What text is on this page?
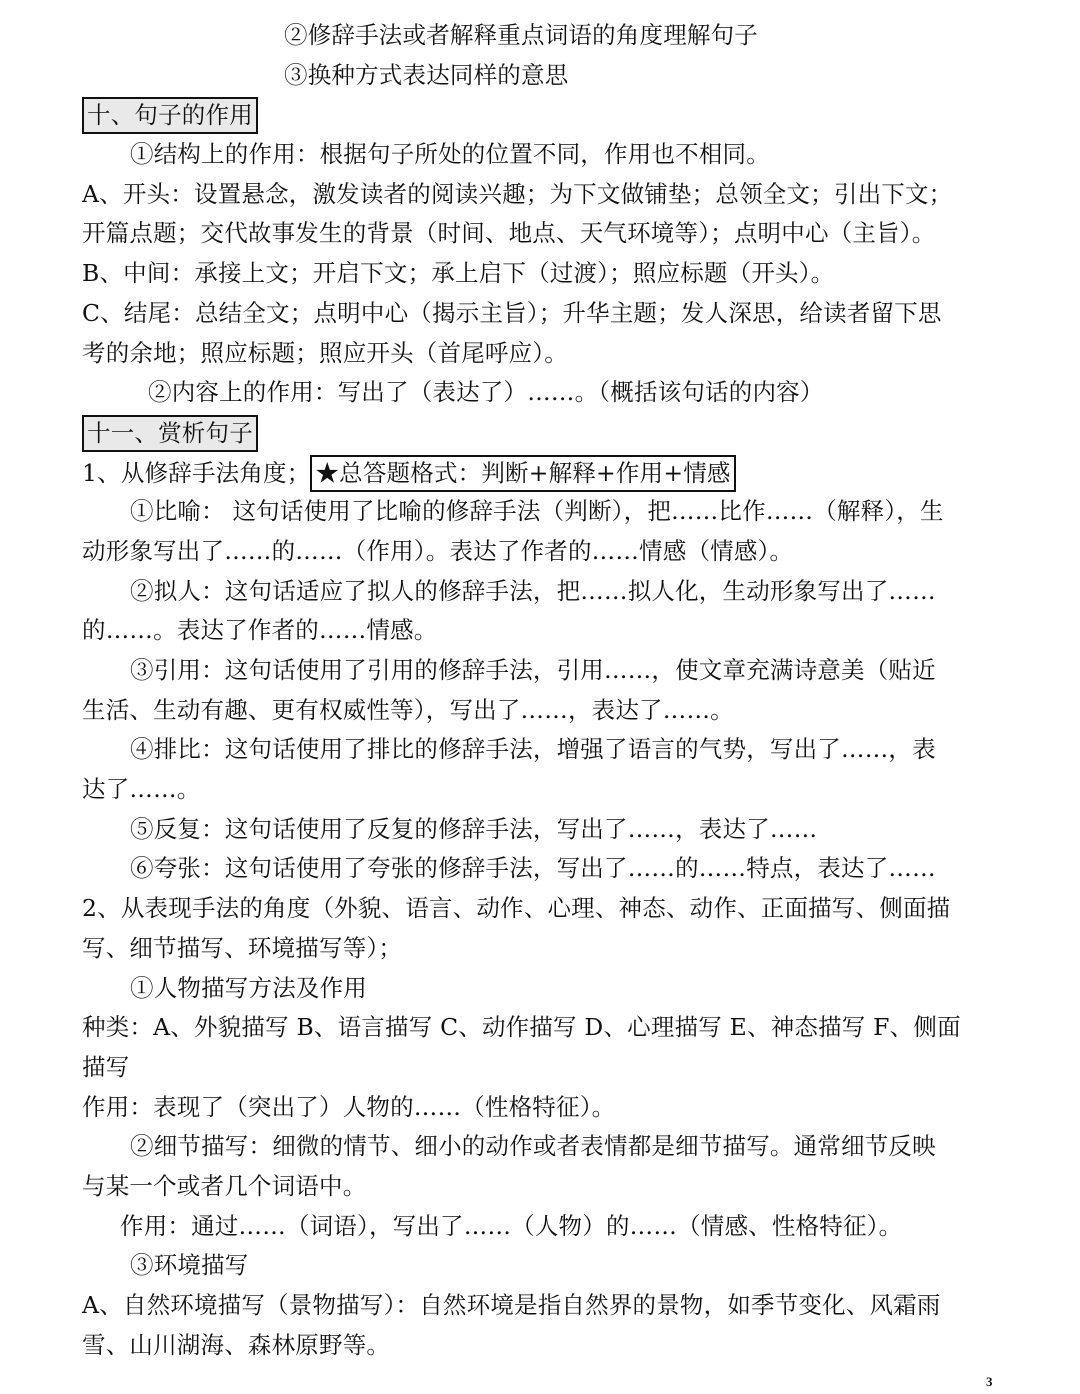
②修辞手法或者解释重点词语的角度理解句子
③换种方式表达同样的意思
十、句子的作用
①结构上的作用：根据句子所处的位置不同，作用也不相同。
A、开头：设置悬念，激发读者的阅读兴趣；为下文做铺垫；总领全文；引出下文；
开篇点题；交代故事发生的背景（时间、地点、天气环境等）；点明中心（主旨）。
B、中间：承接上文；开启下文；承上启下（过渡）；照应标题（开头）。
C、结尾：总结全文；点明中心（揭示主旨）；升华主题；发人深思，给读者留下思
考的余地；照应标题；照应开头（首尾呼应）。
②内容上的作用：写出了（表达了）……。（概括该句话的内容）
十一、赏析句子
1、从修辞手法角度； ★总答题格式：判断+解释+作用+情感
①比喻： 这句话使用了比喻的修辞手法（判断），把……比作……（解释），生
动形象写出了……的……（作用）。表达了作者的……情感（情感）。
②拟人：这句话适应了拟人的修辞手法，把……拟人化，生动形象写出了……
的……。表达了作者的……情感。
③引用：这句话使用了引用的修辞手法，引用……，使文章充满诗意美（贴近
生活、生动有趣、更有权威性等），写出了……，表达了……。
④排比：这句话使用了排比的修辞手法，增强了语言的气势，写出了……，表
达了……。
⑤反复：这句话使用了反复的修辞手法，写出了……，表达了……
⑥夸张：这句话使用了夸张的修辞手法，写出了……的……特点，表达了……
2、从表现手法的角度（外貌、语言、动作、心理、神态、动作、正面描写、侧面描
写、细节描写、环境描写等）；
①人物描写方法及作用
种类：A、外貌描写 B、语言描写 C、动作描写 D、心理描写 E、神态描写 F、侧面
描写
作用：表现了（突出了）人物的……（性格特征）。
②细节描写：细微的情节、细小的动作或者表情都是细节描写。通常细节反映
与某一个或者几个词语中。
作用：通过……（词语），写出了……（人物）的……（情感、性格特征）。
③环境描写
A、自然环境描写（景物描写）：自然环境是指自然界的景物，如季节变化、风霜雨
雪、山川湖海、森林原野等。
3
